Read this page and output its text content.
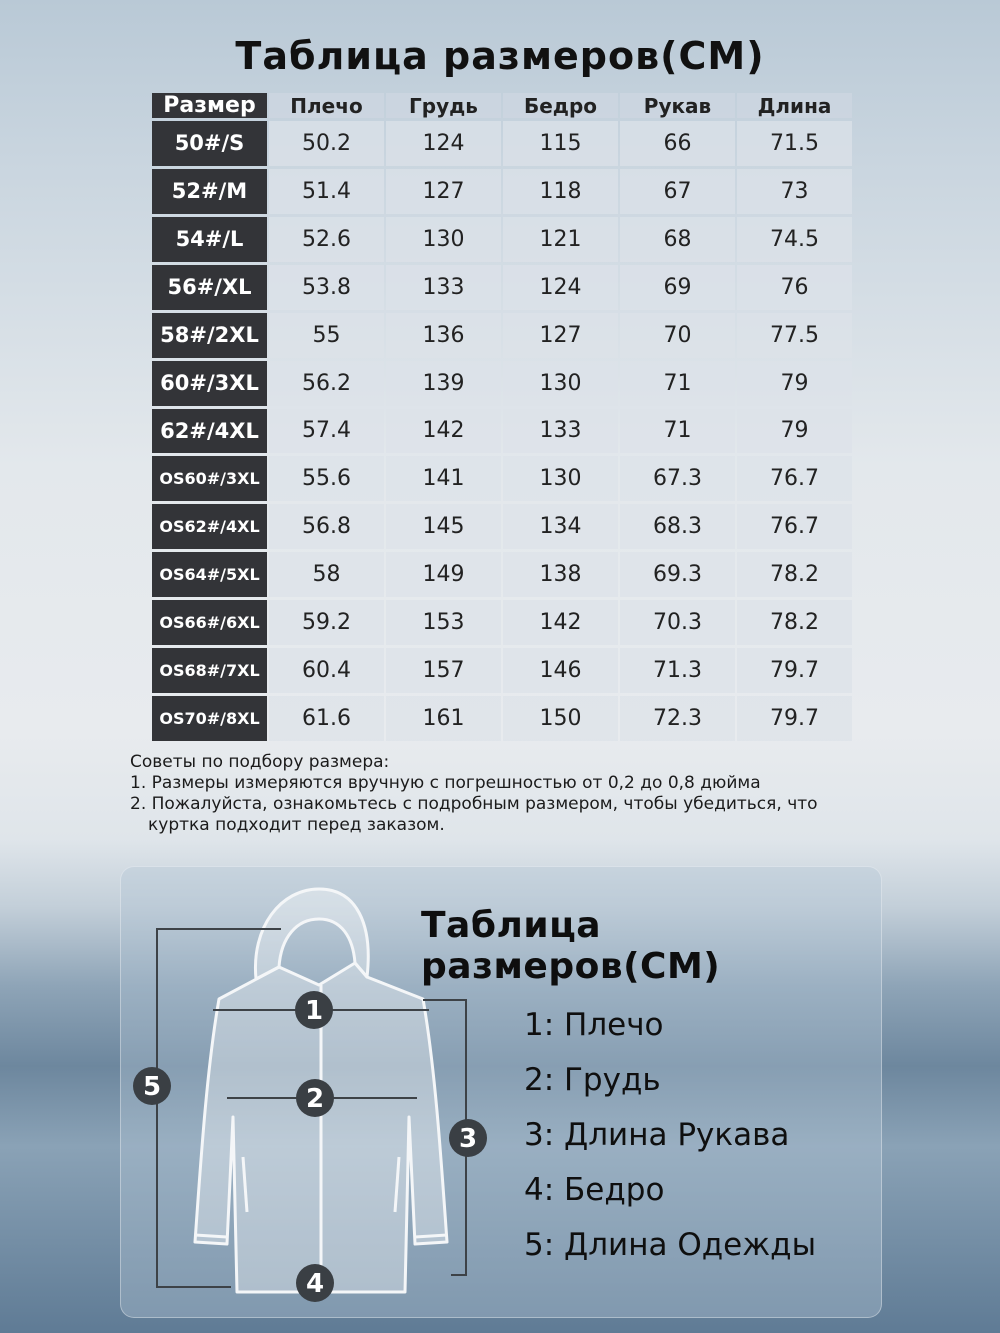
Таблица размеров(CM)
Размер	Плечо	Грудь	Бедро	Рукав	Длина
50#/S	50.2	124	115	66	71.5
52#/M	51.4	127	118	67	73
54#/L	52.6	130	121	68	74.5
56#/XL	53.8	133	124	69	76
58#/2XL	55	136	127	70	77.5
60#/3XL	56.2	139	130	71	79
62#/4XL	57.4	142	133	71	79
OS60#/3XL	55.6	141	130	67.3	76.7
OS62#/4XL	56.8	145	134	68.3	76.7
OS64#/5XL	58	149	138	69.3	78.2
OS66#/6XL	59.2	153	142	70.3	78.2
OS68#/7XL	60.4	157	146	71.3	79.7
OS70#/8XL	61.6	161	150	72.3	79.7
Советы по подбору размера:
1. Размеры измеряются вручную с погрешностью от 0,2 до 0,8 дюйма
2. Пожалуйста, ознакомьтесь с подробным размером, чтобы убедиться, что
куртка подходит перед заказом.
1
2
3
4
5
Таблица размеров(CM)
1: Плечо
2: Грудь
3: Длина Рукава
4: Бедро
5: Длина Одежды
